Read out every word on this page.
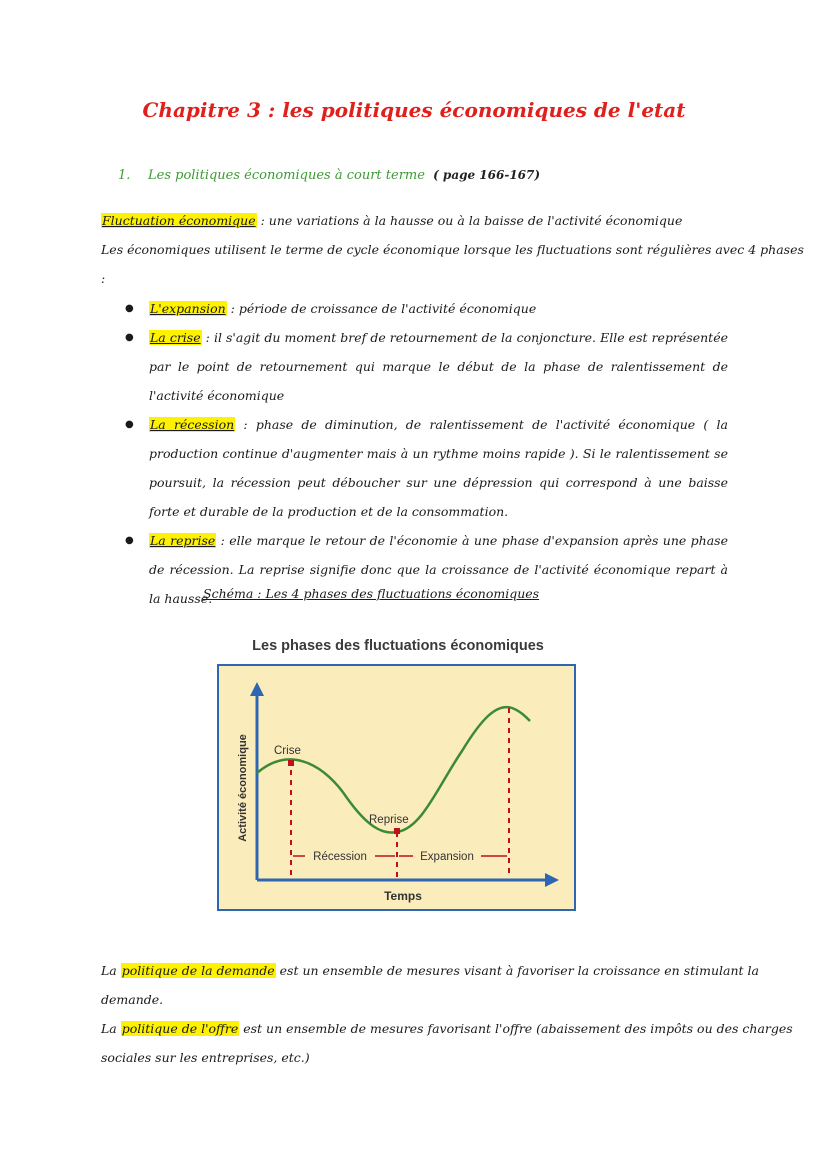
Chapitre 3 : les politiques économiques de l'etat
1. Les politiques économiques à court terme ( page 166-167)
Fluctuation économique : une variations à la hausse ou à la baisse de l'activité économique
Les économiques utilisent le terme de cycle économique lorsque les fluctuations sont régulières avec 4 phases
:
● L'expansion : période de croissance de l'activité économique
● La crise : il s'agit du moment bref de retournement de la conjoncture. Elle est représentée par le point de retournement qui marque le début de la phase de ralentissement de l'activité économique
● La récession : phase de diminution, de ralentissement de l'activité économique ( la production continue d'augmenter mais à un rythme moins rapide ). Si le ralentissement se poursuit, la récession peut déboucher sur une dépression qui correspond à une baisse forte et durable de la production et de la consommation.
● La reprise : elle marque le retour de l'économie à une phase d'expansion après une phase de récession. La reprise signifie donc que la croissance de l'activité économique repart à la hausse.
Schéma : Les 4 phases des fluctuations économiques
Les phases des fluctuations économiques
Crise
Reprise
Récession	Expansion
Temps
Activité économique
La politique de la demande est un ensemble de mesures visant à favoriser la croissance en stimulant la
demande.
La politique de l'offre est un ensemble de mesures favorisant l'offre (abaissement des impôts ou des charges
sociales sur les entreprises, etc.)
